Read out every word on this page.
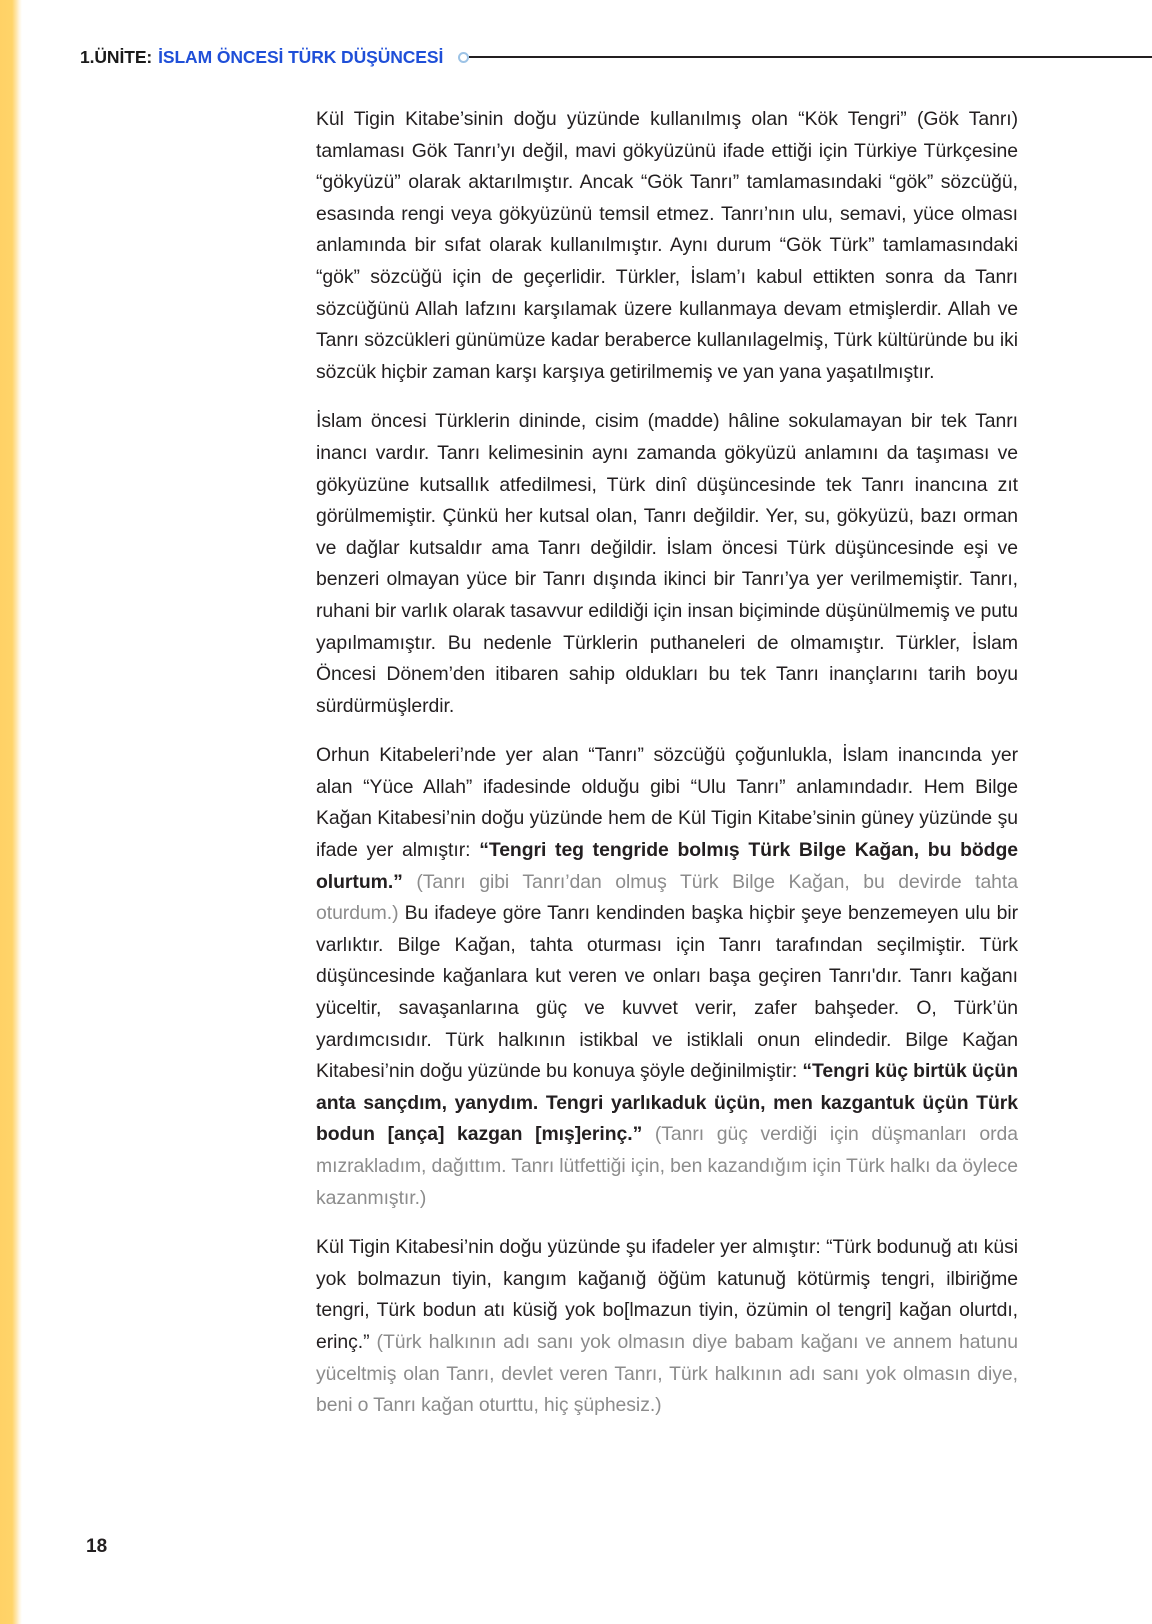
1.ÜNİTE: İSLAM ÖNCESİ TÜRK DÜŞÜNCESİ

Kül Tigin Kitabe’sinin doğu yüzünde kullanılmış olan “Kök Tengri” (Gök Tanrı) tamlaması Gök Tanrı’yı değil, mavi gökyüzünü ifade ettiği için Türkiye Türkçesine “gökyüzü” olarak aktarılmıştır. Ancak “Gök Tanrı” tamlamasındaki “gök” sözcüğü, esasında rengi veya gökyüzünü temsil etmez. Tanrı’nın ulu, semavi, yüce olması anlamında bir sıfat olarak kullanılmıştır. Aynı durum “Gök Türk” tamlamasındaki “gök” sözcüğü için de geçerlidir. Türkler, İslam’ı kabul ettikten sonra da Tanrı sözcüğünü Allah lafzını karşılamak üzere kullanmaya devam etmişlerdir. Allah ve Tanrı sözcükleri günümüze kadar beraberce kullanılagelmiş, Türk kültüründe bu iki sözcük hiçbir zaman karşı karşıya getirilmemiş ve yan yana yaşatılmıştır.

İslam öncesi Türklerin dininde, cisim (madde) hâline sokulamayan bir tek Tanrı inancı vardır. Tanrı kelimesinin aynı zamanda gökyüzü anlamını da taşıması ve gökyüzüne kutsallık atfedilmesi, Türk dinî düşüncesinde tek Tanrı inancına zıt görülmemiştir. Çünkü her kutsal olan, Tanrı değildir. Yer, su, gökyüzü, bazı orman ve dağlar kutsaldır ama Tanrı değildir. İslam öncesi Türk düşüncesinde eşi ve benzeri olmayan yüce bir Tanrı dışında ikinci bir Tanrı’ya yer verilmemiştir. Tanrı, ruhani bir varlık olarak tasavvur edildiği için insan biçiminde düşünülmemiş ve putu yapılmamıştır. Bu nedenle Türklerin puthaneleri de olmamıştır. Türkler, İslam Öncesi Dönem’den itibaren sahip oldukları bu tek Tanrı inançlarını tarih boyu sürdürmüşlerdir.

Orhun Kitabeleri’nde yer alan “Tanrı” sözcüğü çoğunlukla, İslam inancında yer alan “Yüce Allah” ifadesinde olduğu gibi “Ulu Tanrı” anlamındadır. Hem Bilge Kağan Kitabesi’nin doğu yüzünde hem de Kül Tigin Kitabe’sinin güney yüzünde şu ifade yer almıştır: “Tengri teg tengride bolmış Türk Bilge Kağan, bu bödge olurtum.” (Tanrı gibi Tanrı’dan olmuş Türk Bilge Kağan, bu devirde tahta oturdum.) Bu ifadeye göre Tanrı kendinden başka hiçbir şeye benzemeyen ulu bir varlıktır. Bilge Kağan, tahta oturması için Tanrı tarafından seçilmiştir. Türk düşüncesinde kağanlara kut veren ve onları başa geçiren Tanrı'dır. Tanrı kağanı yüceltir, savaşanlarına güç ve kuvvet verir, zafer bahşeder. O, Türk’ün yardımcısıdır. Türk halkının istikbal ve istiklali onun elindedir. Bilge Kağan Kitabesi’nin doğu yüzünde bu konuya şöyle değinilmiştir: “Tengri küç birtük üçün anta sançdım, yanydım. Tengri yarlıkaduk üçün, men kazgantuk üçün Türk bodun [ança] kazgan [mış]erinç.” (Tanrı güç verdiği için düşmanları orda mızrakladım, dağıttım. Tanrı lütfettiği için, ben kazandığım için Türk halkı da öylece kazanmıştır.)

Kül Tigin Kitabesi’nin doğu yüzünde şu ifadeler yer almıştır: “Türk bodunuğ atı küsi yok bolmazun tiyin, kangım kağanığ öğüm katunuğ kötürmiş tengri, ilbiriğme tengri, Türk bodun atı küsiğ yok bo[lmazun tiyin, özümin ol tengri] kağan olurtdı, erinç.” (Türk halkının adı sanı yok olmasın diye babam kağanı ve annem hatunu yüceltmiş olan Tanrı, devlet veren Tanrı, Türk halkının adı sanı yok olmasın diye, beni o Tanrı kağan oturttu, hiç şüphesiz.)

18
